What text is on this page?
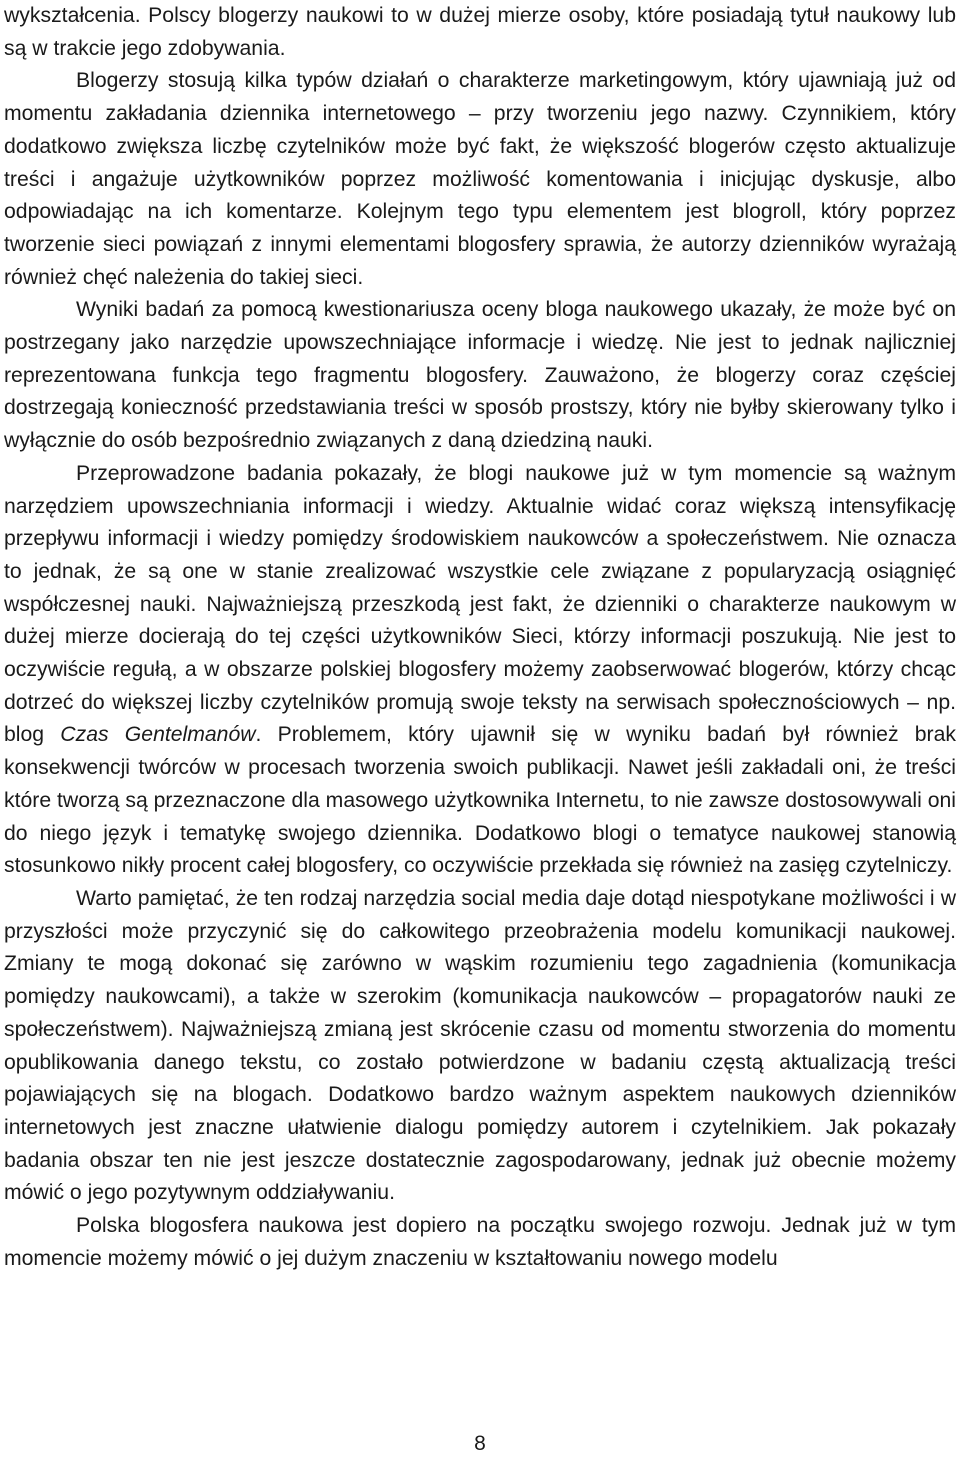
wykształcenia. Polscy blogerzy naukowi to w dużej mierze osoby, które posiadają tytuł naukowy lub są w trakcie jego zdobywania.

Blogerzy stosują kilka typów działań o charakterze marketingowym, który ujawniają już od momentu zakładania dziennika internetowego – przy tworzeniu jego nazwy. Czynnikiem, który dodatkowo zwiększa liczbę czytelników może być fakt, że większość blogerów często aktualizuje treści i angażuje użytkowników poprzez możliwość komentowania i inicjując dyskusje, albo odpowiadając na ich komentarze. Kolejnym tego typu elementem jest blogroll, który poprzez tworzenie sieci powiązań z innymi elementami blogosfery sprawia, że autorzy dzienników wyrażają również chęć należenia do takiej sieci.

Wyniki badań za pomocą kwestionariusza oceny bloga naukowego ukazały, że może być on postrzegany jako narzędzie upowszechniające informacje i wiedzę. Nie jest to jednak najliczniej reprezentowana funkcja tego fragmentu blogosfery. Zauważono, że blogerzy coraz częściej dostrzegają konieczność przedstawiania treści w sposób prostszy, który nie byłby skierowany tylko i wyłącznie do osób bezpośrednio związanych z daną dziedziną nauki.

Przeprowadzone badania pokazały, że blogi naukowe już w tym momencie są ważnym narzędziem upowszechniania informacji i wiedzy. Aktualnie widać coraz większą intensyfikację przepływu informacji i wiedzy pomiędzy środowiskiem naukowców a społeczeństwem. Nie oznacza to jednak, że są one w stanie zrealizować wszystkie cele związane z popularyzacją osiągnięć współczesnej nauki. Najważniejszą przeszkodą jest fakt, że dzienniki o charakterze naukowym w dużej mierze docierają do tej części użytkowników Sieci, którzy informacji poszukują. Nie jest to oczywiście regułą, a w obszarze polskiej blogosfery możemy zaobserwować blogerów, którzy chcąc dotrzeć do większej liczby czytelników promują swoje teksty na serwisach społecznościowych – np. blog Czas Gentelmanów. Problemem, który ujawnił się w wyniku badań był również brak konsekwencji twórców w procesach tworzenia swoich publikacji. Nawet jeśli zakładali oni, że treści które tworzą są przeznaczone dla masowego użytkownika Internetu, to nie zawsze dostosowywali oni do niego język i tematykę swojego dziennika. Dodatkowo blogi o tematyce naukowej stanowią stosunkowo nikły procent całej blogosfery, co oczywiście przekłada się również na zasięg czytelniczy.

Warto pamiętać, że ten rodzaj narzędzia social media daje dotąd niespotykane możliwości i w przyszłości może przyczynić się do całkowitego przeobrażenia modelu komunikacji naukowej. Zmiany te mogą dokonać się zarówno w wąskim rozumieniu tego zagadnienia (komunikacja pomiędzy naukowcami), a także w szerokim (komunikacja naukowców – propagatorów nauki ze społeczeństwem). Najważniejszą zmianą jest skrócenie czasu od momentu stworzenia do momentu opublikowania danego tekstu, co zostało potwierdzone w badaniu częstą aktualizacją treści pojawiających się na blogach. Dodatkowo bardzo ważnym aspektem naukowych dzienników internetowych jest znaczne ułatwienie dialogu pomiędzy autorem i czytelnikiem. Jak pokazały badania obszar ten nie jest jeszcze dostatecznie zagospodarowany, jednak już obecnie możemy mówić o jego pozytywnym oddziaływaniu.

Polska blogosfera naukowa jest dopiero na początku swojego rozwoju. Jednak już w tym momencie możemy mówić o jej dużym znaczeniu w kształtowaniu nowego modelu

8
